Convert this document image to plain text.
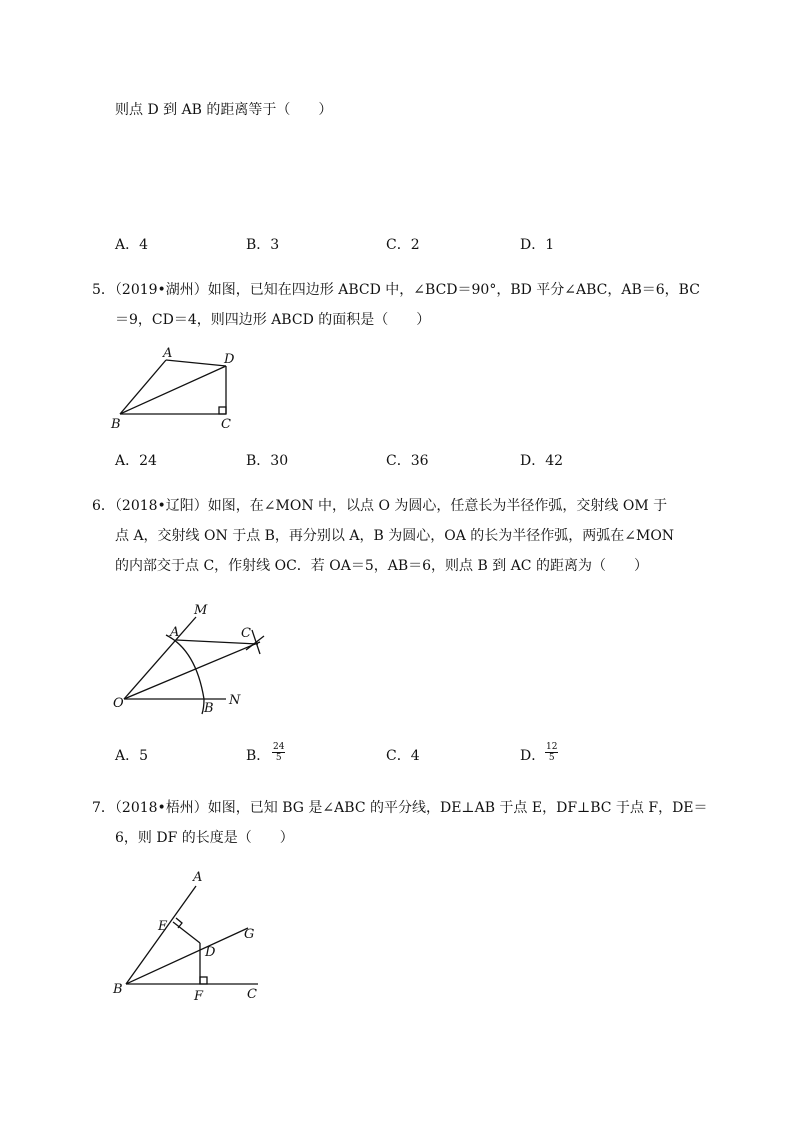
则点 D 到 AB 的距离等于（　　）
A．4	B．3	C．2	D．1
5．（2019•湖州）如图，已知在四边形 ABCD 中，∠BCD＝90°，BD 平分∠ABC，AB＝6，BC
＝9，CD＝4，则四边形 ABCD 的面积是（　　）
A	D
B	C
A．24	B．30	C．36	D．42
6．（2018•辽阳）如图，在∠MON 中，以点 O 为圆心，任意长为半径作弧，交射线 OM 于
点 A，交射线 ON 于点 B，再分别以 A，B 为圆心，OA 的长为半径作弧，两弧在∠MON
的内部交于点 C，作射线 OC．若 OA＝5，AB＝6，则点 B 到 AC 的距离为（　　）
M
A	C
O	B
N
A．5	B． $\frac{24}{5}$	C．4	D． $\frac{12}{5}$
7．（2018•梧州）如图，已知 BG 是∠ABC 的平分线，DE⊥AB 于点 E，DF⊥BC 于点 F，DE＝
6，则 DF 的长度是（　　）
A
E
G
D
B	F	C
